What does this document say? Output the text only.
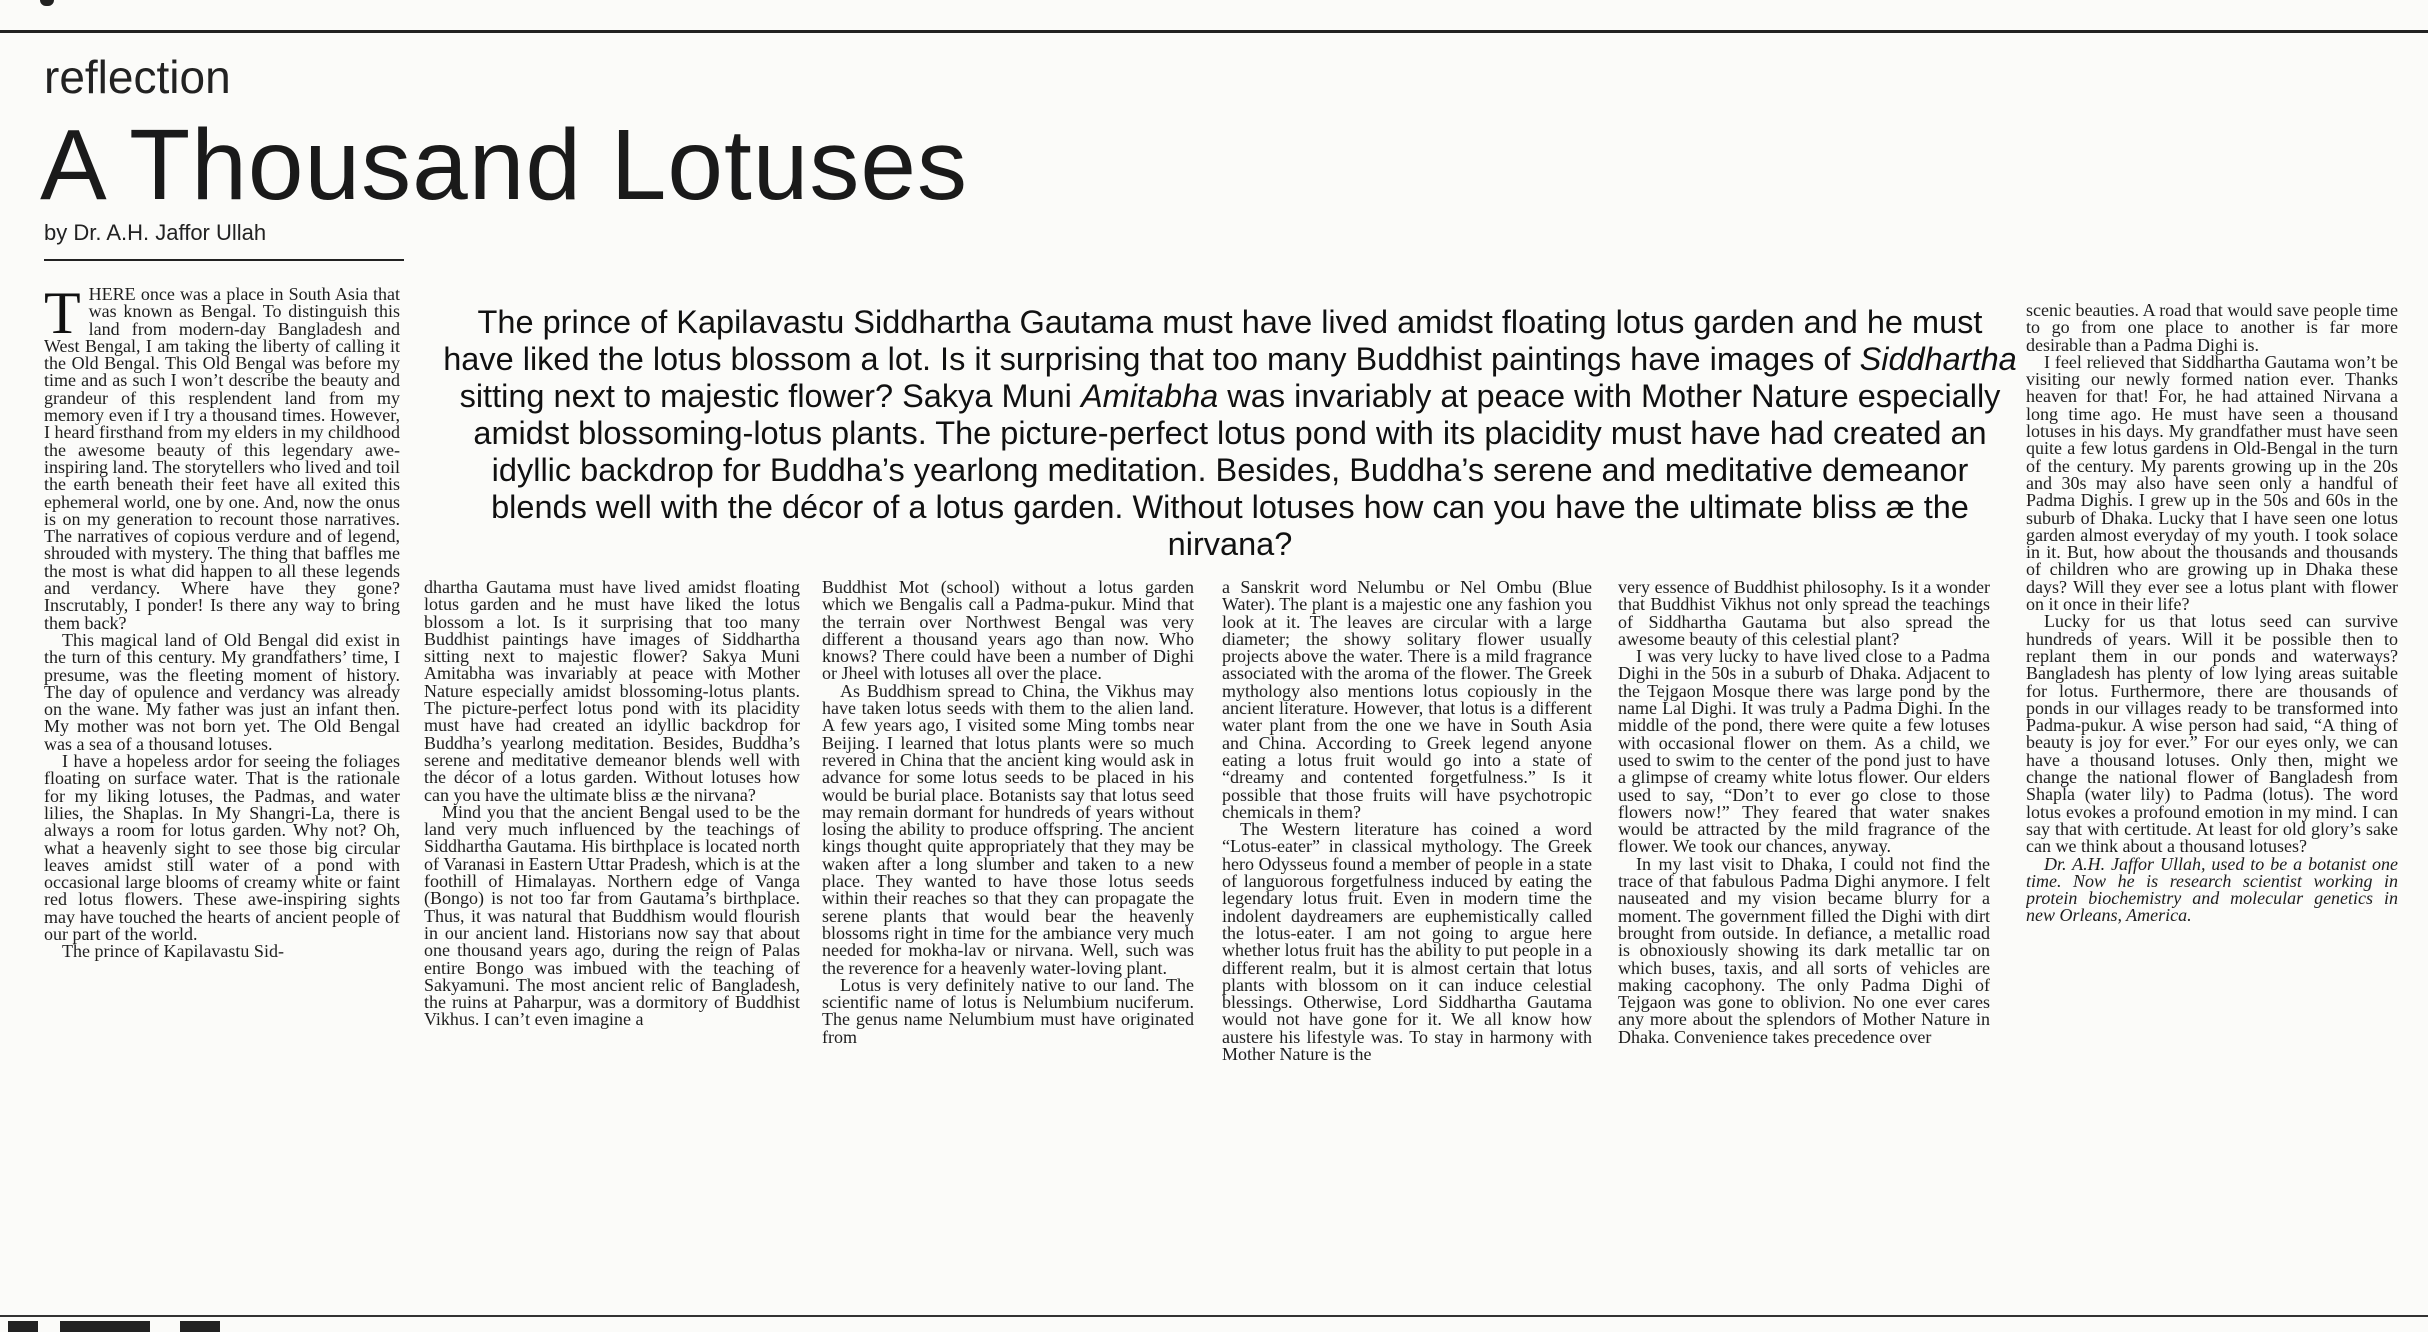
reflection
A Thousand Lotuses
by Dr. A.H. Jaffor Ullah
The prince of Kapilavastu Siddhartha Gautama must have lived amidst floating lotus garden and he must have liked the lotus blossom a lot. Is it surprising that too many Buddhist paintings have images of Siddhartha sitting next to majestic flower? Sakya Muni Amitabha was invariably at peace with Mother Nature especially amidst blossoming-lotus plants. The picture-perfect lotus pond with its placidity must have had created an idyllic backdrop for Buddha’s yearlong meditation. Besides, Buddha’s serene and meditative demeanor blends well with the décor of a lotus garden. Without lotuses how can you have the ultimate bliss æ the nirvana?

THERE once was a place in South Asia that was known as Bengal. To distinguish this land from modern-day Bangladesh and West Bengal, I am taking the liberty of calling it the Old Bengal. This Old Bengal was before my time and as such I won’t describe the beauty and grandeur of this resplendent land from my memory even if I try a thousand times. However, I heard firsthand from my elders in my childhood the awesome beauty of this legendary awe-inspiring land. The storytellers who lived and toil the earth beneath their feet have all exited this ephemeral world, one by one. And, now the onus is on my generation to recount those narratives. The narratives of copious verdure and of legend, shrouded with mystery. The thing that baffles me the most is what did happen to all these legends and verdancy. Where have they gone? Inscrutably, I ponder! Is there any way to bring them back?

This magical land of Old Bengal did exist in the turn of this century. My grandfathers’ time, I presume, was the fleeting moment of history. The day of opulence and verdancy was already on the wane. My father was just an infant then. My mother was not born yet. The Old Bengal was a sea of a thousand lotuses.

I have a hopeless ardor for seeing the foliages floating on surface water. That is the rationale for my liking lotuses, the Padmas, and water lilies, the Shaplas. In My Shangri-La, there is always a room for lotus garden. Why not? Oh, what a heavenly sight to see those big circular leaves amidst still water of a pond with occasional large blooms of creamy white or faint red lotus flowers. These awe-inspiring sights may have touched the hearts of ancient people of our part of the world.

The prince of Kapilavastu Sid-

dhartha Gautama must have lived amidst floating lotus garden and he must have liked the lotus blossom a lot. Is it surprising that too many Buddhist paintings have images of Siddhartha sitting next to majestic flower? Sakya Muni Amitabha was invariably at peace with Mother Nature especially amidst blossoming-lotus plants. The picture-perfect lotus pond with its placidity must have had created an idyllic backdrop for Buddha’s yearlong meditation. Besides, Buddha’s serene and meditative demeanor blends well with the décor of a lotus garden. Without lotuses how can you have the ultimate bliss æ the nirvana?

Mind you that the ancient Bengal used to be the land very much influenced by the teachings of Siddhartha Gautama. His birthplace is located north of Varanasi in Eastern Uttar Pradesh, which is at the foothill of Himalayas. Northern edge of Vanga (Bongo) is not too far from Gautama’s birthplace. Thus, it was natural that Buddhism would flourish in our ancient land. Historians now say that about one thousand years ago, during the reign of Palas entire Bongo was imbued with the teaching of Sakyamuni. The most ancient relic of Bangladesh, the ruins at Paharpur, was a dormitory of Buddhist Vikhus. I can’t even imagine a

Buddhist Mot (school) without a lotus garden which we Bengalis call a Padma-pukur. Mind that the terrain over Northwest Bengal was very different a thousand years ago than now. Who knows? There could have been a number of Dighi or Jheel with lotuses all over the place.

As Buddhism spread to China, the Vikhus may have taken lotus seeds with them to the alien land. A few years ago, I visited some Ming tombs near Beijing. I learned that lotus plants were so much revered in China that the ancient king would ask in advance for some lotus seeds to be placed in his would be burial place. Botanists say that lotus seed may remain dormant for hundreds of years without losing the ability to produce offspring. The ancient kings thought quite appropriately that they may be waken after a long slumber and taken to a new place. They wanted to have those lotus seeds within their reaches so that they can propagate the serene plants that would bear the heavenly blossoms right in time for the ambiance very much needed for mokha-lav or nirvana. Well, such was the reverence for a heavenly water-loving plant.

Lotus is very definitely native to our land. The scientific name of lotus is Nelumbium nuciferum. The genus name Nelumbium must have originated from

a Sanskrit word Nelumbu or Nel Ombu (Blue Water). The plant is a majestic one any fashion you look at it. The leaves are circular with a large diameter; the showy solitary flower usually projects above the water. There is a mild fragrance associated with the aroma of the flower. The Greek mythology also mentions lotus copiously in the ancient literature. However, that lotus is a different water plant from the one we have in South Asia and China. According to Greek legend anyone eating a lotus fruit would go into a state of “dreamy and contented forgetfulness.” Is it possible that those fruits will have psychotropic chemicals in them?

The Western literature has coined a word “Lotus-eater” in classical mythology. The Greek hero Odysseus found a member of people in a state of languorous forgetfulness induced by eating the legendary lotus fruit. Even in modern time the indolent daydreamers are euphemistically called the lotus-eater. I am not going to argue here whether lotus fruit has the ability to put people in a different realm, but it is almost certain that lotus plants with blossom on it can induce celestial blessings. Otherwise, Lord Siddhartha Gautama would not have gone for it. We all know how austere his lifestyle was. To stay in harmony with Mother Nature is the

very essence of Buddhist philosophy. Is it a wonder that Buddhist Vikhus not only spread the teachings of Siddhartha Gautama but also spread the awesome beauty of this celestial plant?

I was very lucky to have lived close to a Padma Dighi in the 50s in a suburb of Dhaka. Adjacent to the Tejgaon Mosque there was large pond by the name Lal Dighi. It was truly a Padma Dighi. In the middle of the pond, there were quite a few lotuses with occasional flower on them. As a child, we used to swim to the center of the pond just to have a glimpse of creamy white lotus flower. Our elders used to say, “Don’t to ever go close to those flowers now!” They feared that water snakes would be attracted by the mild fragrance of the flower. We took our chances, anyway.

In my last visit to Dhaka, I could not find the trace of that fabulous Padma Dighi anymore. I felt nauseated and my vision became blurry for a moment. The government filled the Dighi with dirt brought from outside. In defiance, a metallic road is obnoxiously showing its dark metallic tar on which buses, taxis, and all sorts of vehicles are making cacophony. The only Padma Dighi of Tejgaon was gone to oblivion. No one ever cares any more about the splendors of Mother Nature in Dhaka. Convenience takes precedence over

scenic beauties. A road that would save people time to go from one place to another is far more desirable than a Padma Dighi is.

I feel relieved that Siddhartha Gautama won’t be visiting our newly formed nation ever. Thanks heaven for that! For, he had attained Nirvana a long time ago. He must have seen a thousand lotuses in his days. My grandfather must have seen quite a few lotus gardens in Old-Bengal in the turn of the century. My parents growing up in the 20s and 30s may also have seen only a handful of Padma Dighis. I grew up in the 50s and 60s in the suburb of Dhaka. Lucky that I have seen one lotus garden almost everyday of my youth. I took solace in it. But, how about the thousands and thousands of children who are growing up in Dhaka these days? Will they ever see a lotus plant with flower on it once in their life?

Lucky for us that lotus seed can survive hundreds of years. Will it be possible then to replant them in our ponds and waterways? Bangladesh has plenty of low lying areas suitable for lotus. Furthermore, there are thousands of ponds in our villages ready to be transformed into Padma-pukur. A wise person had said, “A thing of beauty is joy for ever.” For our eyes only, we can have a thousand lotuses. Only then, might we change the national flower of Bangladesh from Shapla (water lily) to Padma (lotus). The word lotus evokes a profound emotion in my mind. I can say that with certitude. At least for old glory’s sake can we think about a thousand lotuses?

Dr. A.H. Jaffor Ullah, used to be a botanist one time. Now he is research scientist working in protein biochemistry and molecular genetics in new Orleans, America.
